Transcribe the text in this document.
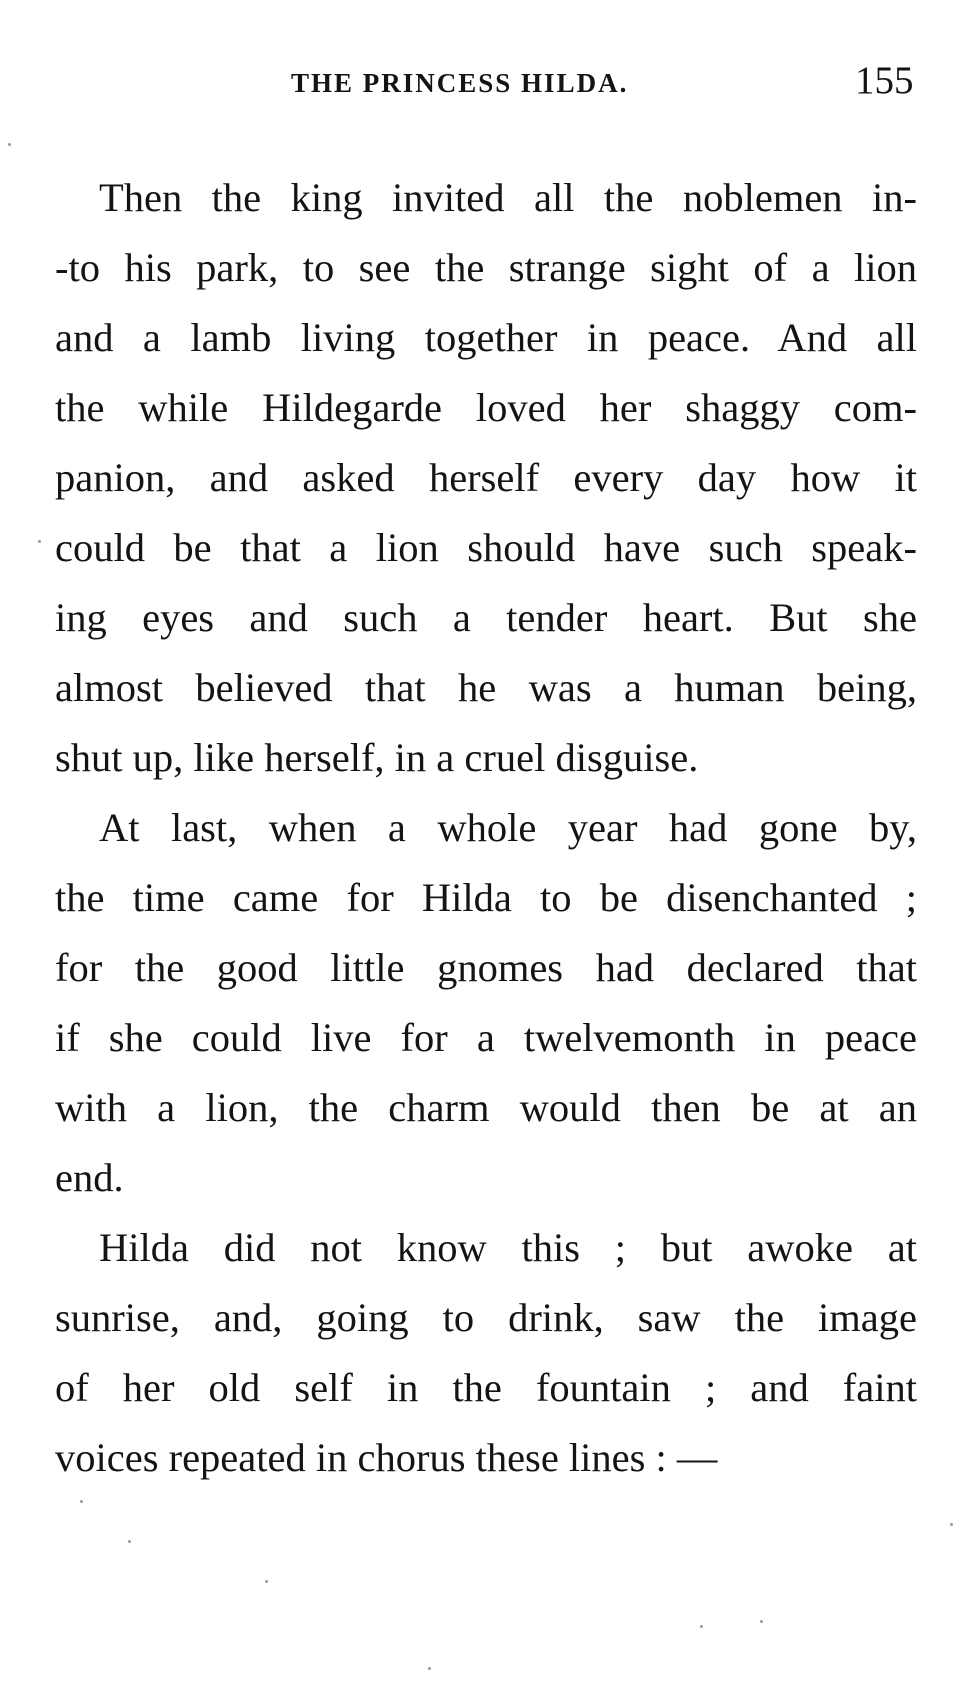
THE PRINCESS HILDA.	155
Then the king invited all the noblemen in-
-to his park, to see the strange sight of a lion
and a lamb living together in peace. And all
the while Hildegarde loved her shaggy com-
panion, and asked herself every day how it
could be that a lion should have such speak-
ing eyes and such a tender heart. But she
almost believed that he was a human being,
shut up, like herself, in a cruel disguise.
At last, when a whole year had gone by,
the time came for Hilda to be disenchanted ;
for the good little gnomes had declared that
if she could live for a twelvemonth in peace
with a lion, the charm would then be at an
end.
Hilda did not know this ; but awoke at
sunrise, and, going to drink, saw the image
of her old self in the fountain ; and faint
voices repeated in chorus these lines : —
